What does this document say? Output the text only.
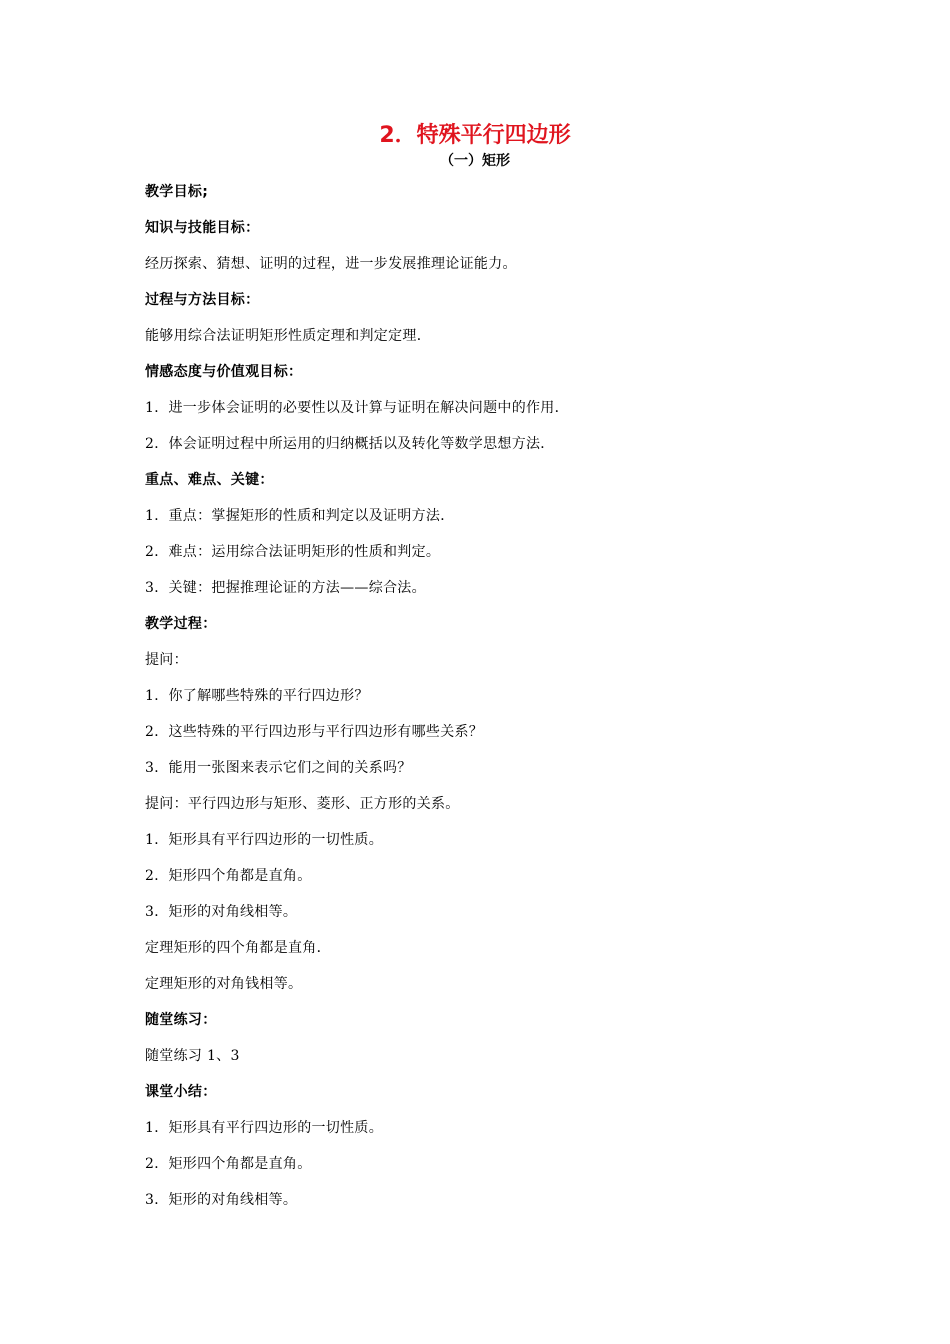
2．特殊平行四边形
（一）矩形
教学目标;
知识与技能目标：
经历探索、猜想、证明的过程，进一步发展推理论证能力。
过程与方法目标：
能够用综合法证明矩形性质定理和判定定理．
情感态度与价值观目标：
1．进一步体会证明的必要性以及计算与证明在解决问题中的作用．
2．体会证明过程中所运用的归纳概括以及转化等数学思想方法．
重点、难点、关键：
1．重点：掌握矩形的性质和判定以及证明方法．
2．难点：运用综合法证明矩形的性质和判定。
3．关键：把握推理论证的方法——综合法。
教学过程：
提问：
1．你了解哪些特殊的平行四边形？
2．这些特殊的平行四边形与平行四边形有哪些关系？
3．能用一张图来表示它们之间的关系吗？
提问：平行四边形与矩形、菱形、正方形的关系。
1．矩形具有平行四边形的一切性质。
2．矩形四个角都是直角。
3．矩形的对角线相等。
定理矩形的四个角都是直角．
定理矩形的对角钱相等。
随堂练习：
随堂练习 1、3
课堂小结：
1．矩形具有平行四边形的一切性质。
2．矩形四个角都是直角。
3．矩形的对角线相等。
